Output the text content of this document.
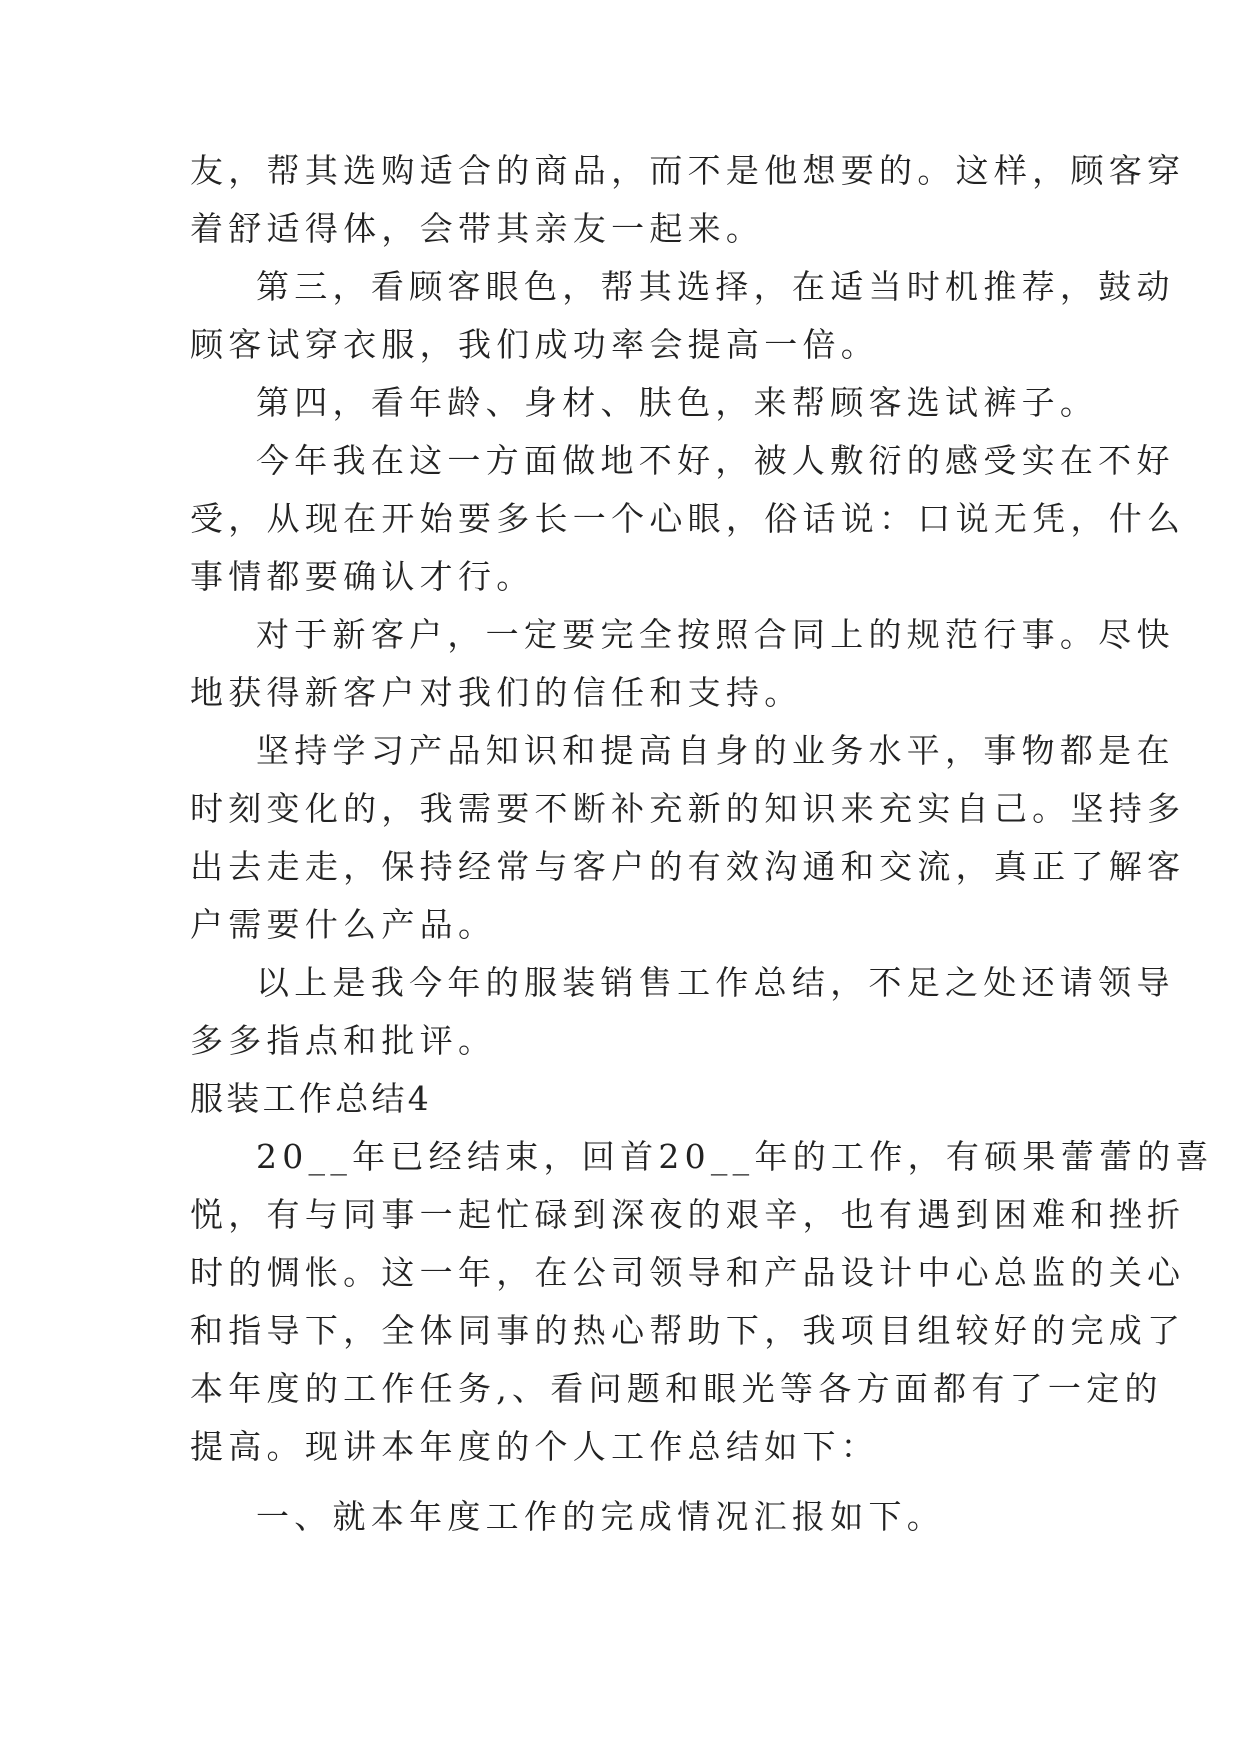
友，帮其选购适合的商品，而不是他想要的。这样，顾客穿
着舒适得体，会带其亲友一起来。
第三，看顾客眼色，帮其选择，在适当时机推荐，鼓动
顾客试穿衣服，我们成功率会提高一倍。
第四，看年龄、身材、肤色，来帮顾客选试裤子。
今年我在这一方面做地不好，被人敷衍的感受实在不好
受，从现在开始要多长一个心眼，俗话说：口说无凭，什么
事情都要确认才行。
对于新客户，一定要完全按照合同上的规范行事。尽快
地获得新客户对我们的信任和支持。
坚持学习产品知识和提高自身的业务水平，事物都是在
时刻变化的，我需要不断补充新的知识来充实自己。坚持多
出去走走，保持经常与客户的有效沟通和交流，真正了解客
户需要什么产品。
以上是我今年的服装销售工作总结，不足之处还请领导
多多指点和批评。
服装工作总结4
20__年已经结束，回首20__年的工作，有硕果蕾蕾的喜
悦，有与同事一起忙碌到深夜的艰辛，也有遇到困难和挫折
时的惆怅。这一年，在公司领导和产品设计中心总监的关心
和指导下，全体同事的热心帮助下，我项目组较好的完成了
本年度的工作任务,、看问题和眼光等各方面都有了一定的
提高。现讲本年度的个人工作总结如下：
一、就本年度工作的完成情况汇报如下。
